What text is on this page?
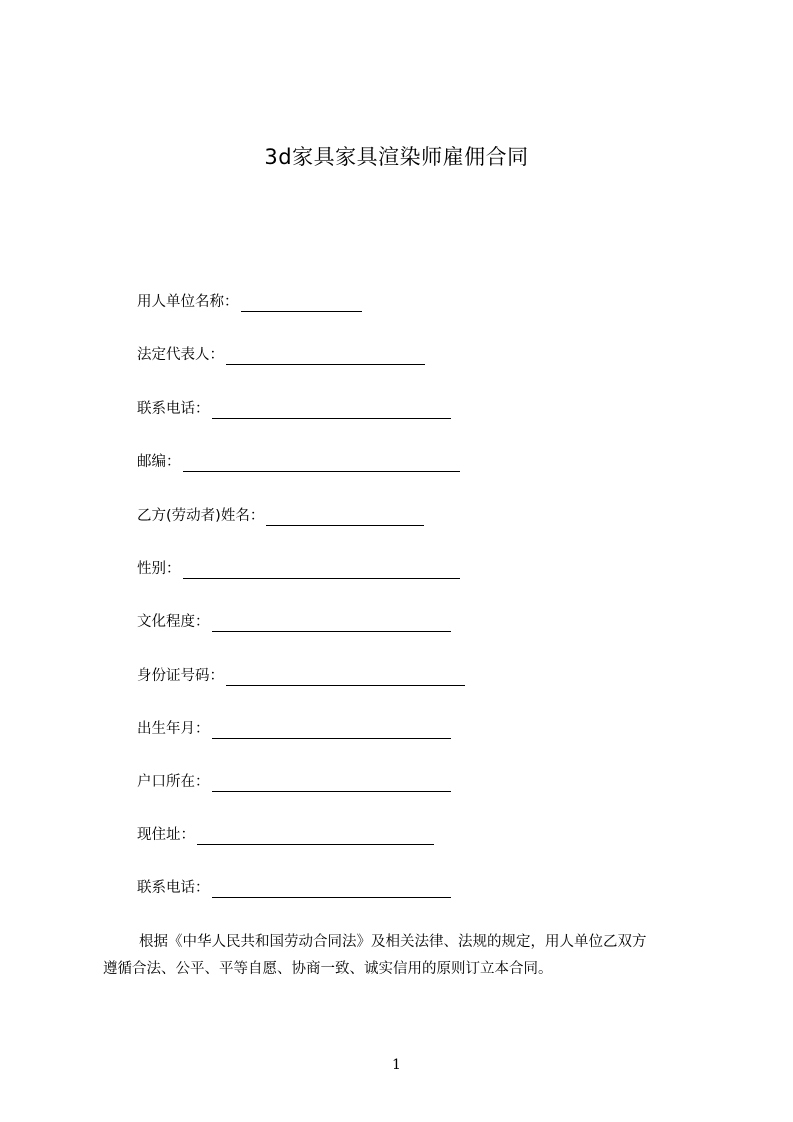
3d家具家具渲染师雇佣合同
用人单位名称：
法定代表人：
联系电话：
邮编：
乙方(劳动者)姓名：
性别：
文化程度：
身份证号码：
出生年月：
户口所在：
现住址：
联系电话：
根据《中华人民共和国劳动合同法》及相关法律、法规的规定，用人单位乙双方
遵循合法、公平、平等自愿、协商一致、诚实信用的原则订立本合同。
1
